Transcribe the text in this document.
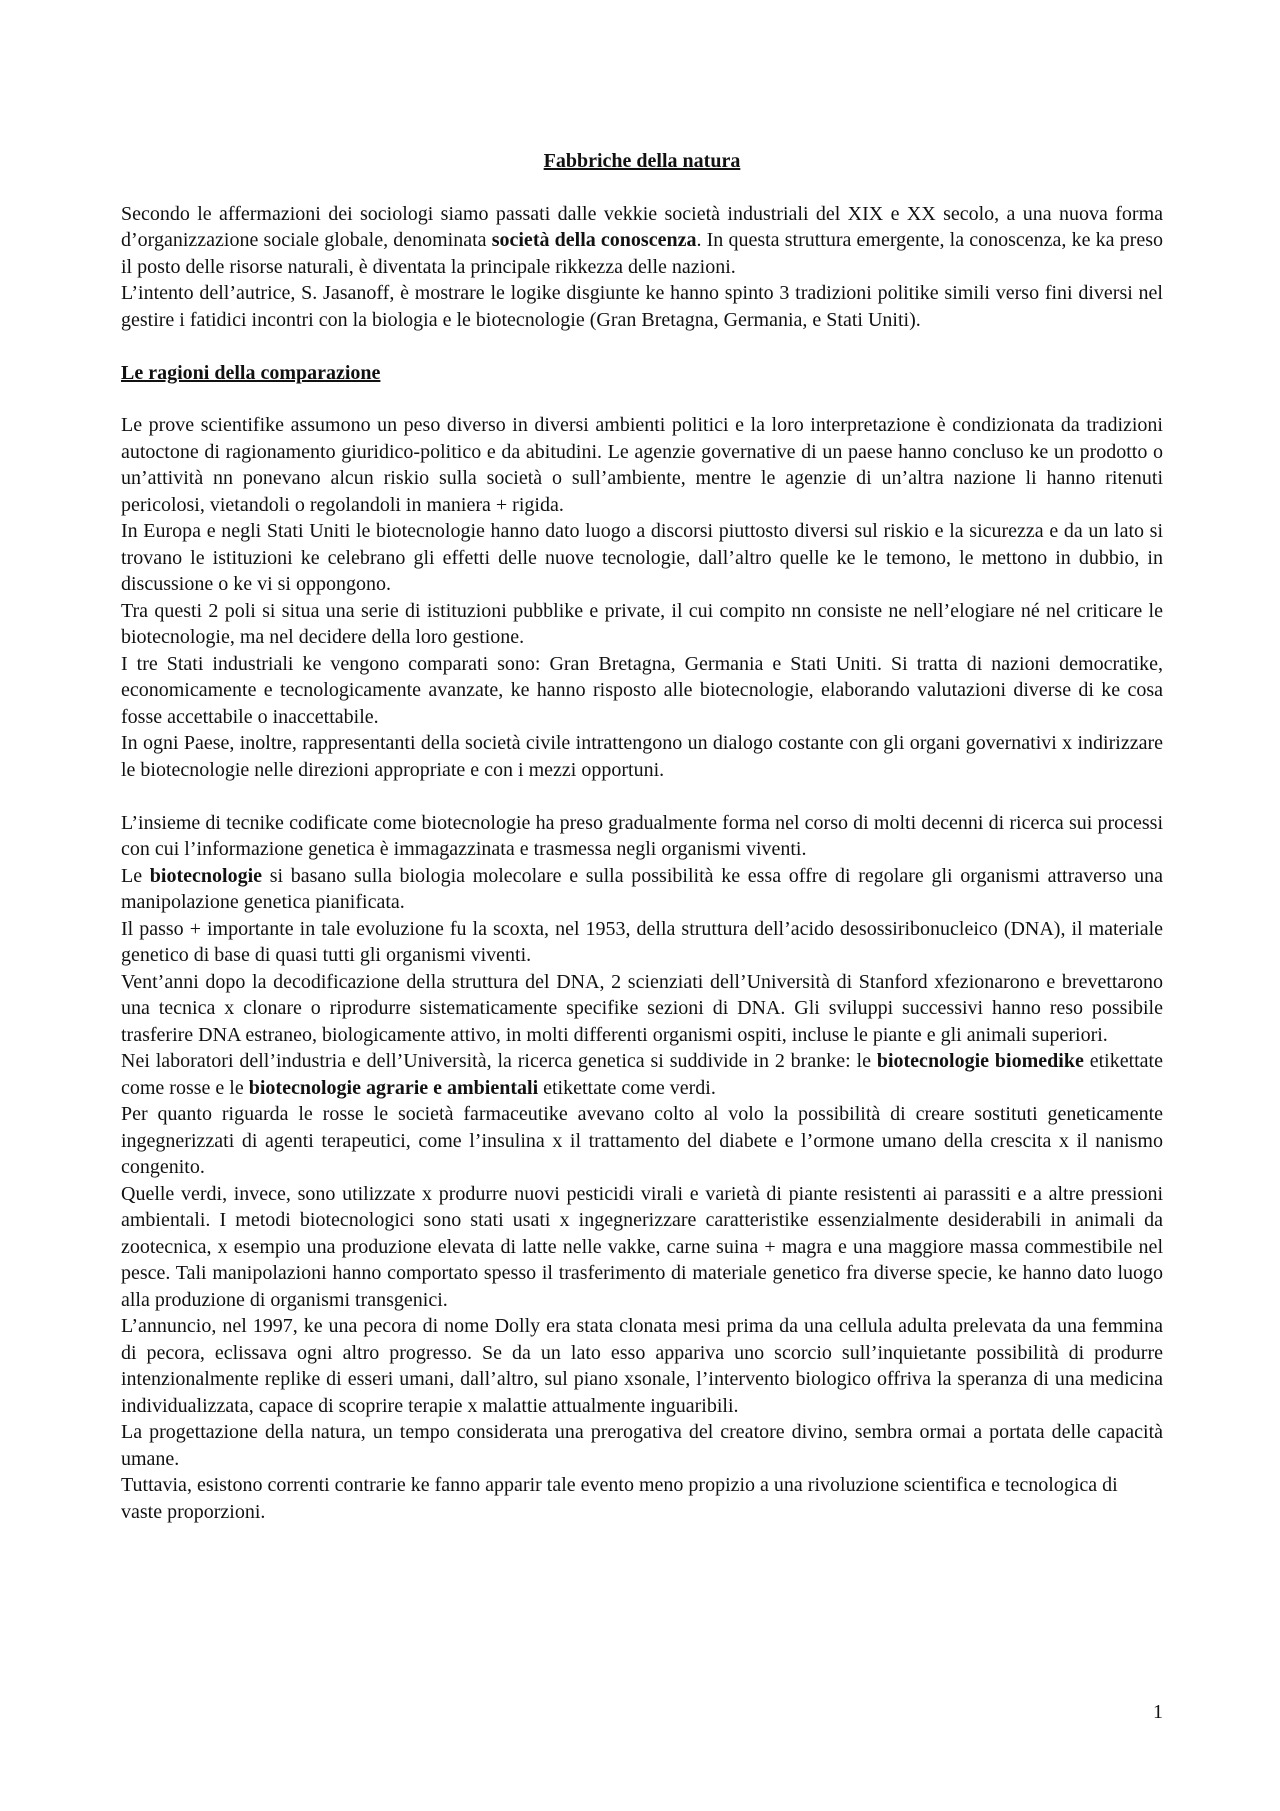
Fabbriche della natura

Secondo le affermazioni dei sociologi siamo passati dalle vekkie società industriali del XIX e XX secolo, a una nuova forma d’organizzazione sociale globale, denominata società della conoscenza. In questa struttura emergente, la conoscenza, ke ka preso il posto delle risorse naturali, è diventata la principale rikkezza delle nazioni.

L’intento dell’autrice, S. Jasanoff, è mostrare le logike disgiunte ke hanno spinto 3 tradizioni politike simili verso fini diversi nel gestire i fatidici incontri con la biologia e le biotecnologie (Gran Bretagna, Germania, e Stati Uniti).

Le ragioni della comparazione

Le prove scientifike assumono un peso diverso in diversi ambienti politici e la loro interpretazione è condizionata da tradizioni autoctone di ragionamento giuridico-politico e da abitudini. Le agenzie governative di un paese hanno concluso ke un prodotto o un’attività nn ponevano alcun riskio sulla società o sull’ambiente, mentre le agenzie di un’altra nazione li hanno ritenuti pericolosi, vietandoli o regolandoli in maniera + rigida.

In Europa e negli Stati Uniti le biotecnologie hanno dato luogo a discorsi piuttosto diversi sul riskio e la sicurezza e da un lato si trovano le istituzioni ke celebrano gli effetti delle nuove tecnologie, dall’altro quelle ke le temono, le mettono in dubbio, in discussione o ke vi si oppongono.

Tra questi 2 poli si situa una serie di istituzioni pubblike e private, il cui compito nn consiste ne nell’elogiare né nel criticare le biotecnologie, ma nel decidere della loro gestione.

I tre Stati industriali ke vengono comparati sono: Gran Bretagna, Germania e Stati Uniti. Si tratta di nazioni democratike, economicamente e tecnologicamente avanzate, ke hanno risposto alle biotecnologie, elaborando valutazioni diverse di ke cosa fosse accettabile o inaccettabile.

In ogni Paese, inoltre, rappresentanti della società civile intrattengono un dialogo costante con gli organi governativi x indirizzare le biotecnologie nelle direzioni appropriate e con i mezzi opportuni.

L’insieme di tecnike codificate come biotecnologie ha preso gradualmente forma nel corso di molti decenni di ricerca sui processi con cui l’informazione genetica è immagazzinata e trasmessa negli organismi viventi.

Le biotecnologie si basano sulla biologia molecolare e sulla possibilità ke essa offre di regolare gli organismi attraverso una manipolazione genetica pianificata.

Il passo + importante in tale evoluzione fu la scoxta, nel 1953, della struttura dell’acido desossiribonucleico (DNA), il materiale genetico di base di quasi tutti gli organismi viventi.

Vent’anni dopo la decodificazione della struttura del DNA, 2 scienziati dell’Università di Stanford xfezionarono e brevettarono una tecnica x clonare o riprodurre sistematicamente specifike sezioni di DNA. Gli sviluppi successivi hanno reso possibile trasferire DNA estraneo, biologicamente attivo, in molti differenti organismi ospiti, incluse le piante e gli animali superiori.

Nei laboratori dell’industria e dell’Università, la ricerca genetica si suddivide in 2 branke: le biotecnologie biomedike etikettate come rosse e le biotecnologie agrarie e ambientali etikettate come verdi.

Per quanto riguarda le rosse le società farmaceutike avevano colto al volo la possibilità di creare sostituti geneticamente ingegnerizzati di agenti terapeutici, come l’insulina x il trattamento del diabete e l’ormone umano della crescita x il nanismo congenito.

Quelle verdi, invece, sono utilizzate x produrre nuovi pesticidi virali e varietà di piante resistenti ai parassiti e a altre pressioni ambientali. I metodi biotecnologici sono stati usati x ingegnerizzare caratteristike essenzialmente desiderabili in animali da zootecnica, x esempio una produzione elevata di latte nelle vakke, carne suina + magra e una maggiore massa commestibile nel pesce. Tali manipolazioni hanno comportato spesso il trasferimento di materiale genetico fra diverse specie, ke hanno dato luogo alla produzione di organismi transgenici.

L’annuncio, nel 1997, ke una pecora di nome Dolly era stata clonata mesi prima da una cellula adulta prelevata da una femmina di pecora, eclissava ogni altro progresso. Se da un lato esso appariva uno scorcio sull’inquietante possibilità di produrre intenzionalmente replike di esseri umani, dall’altro, sul piano xsonale, l’intervento biologico offriva la speranza di una medicina individualizzata, capace di scoprire terapie x malattie attualmente inguaribili.

La progettazione della natura, un tempo considerata una prerogativa del creatore divino, sembra ormai a portata delle capacità umane.

Tuttavia, esistono correnti contrarie ke fanno apparir tale evento meno propizio a una rivoluzione scientifica e tecnologica di vaste proporzioni.

1
